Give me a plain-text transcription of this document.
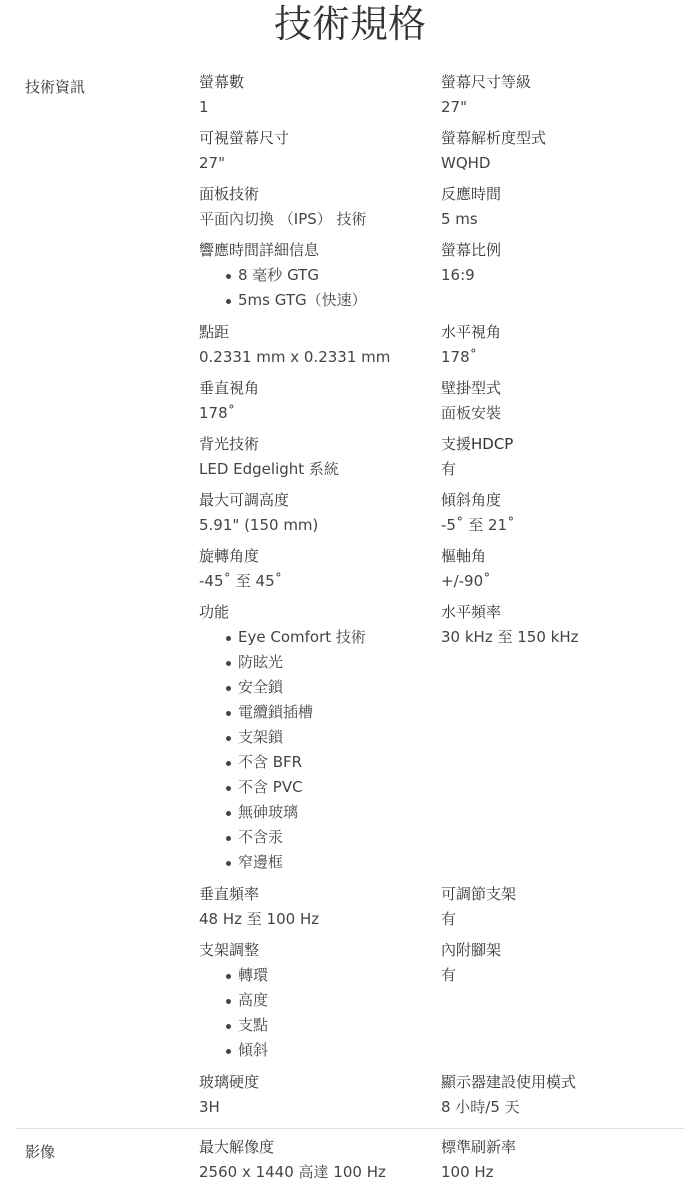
技術規格
技術資訊	螢幕數
1
螢幕尺寸等級
27"
可視螢幕尺寸
27"
螢幕解析度型式
WQHD
面板技術
平面內切換 （IPS） 技術
反應時間
5 ms
響應時間詳細信息
8 毫秒 GTG
5ms GTG（快速）
螢幕比例
16:9
點距
0.2331 mm x 0.2331 mm
水平視角
178˚
垂直視角
178˚
壁掛型式
面板安裝
背光技術
LED Edgelight 系統
支援HDCP
有
最大可調高度
5.91" (150 mm)
傾斜角度
-5˚ 至 21˚
旋轉角度
-45˚ 至 45˚
樞軸角
+/-90˚
功能
Eye Comfort 技術
防眩光
安全鎖
電纜鎖插槽
支架鎖
不含 BFR
不含 PVC
無砷玻璃
不含汞
窄邊框
水平頻率
30 kHz 至 150 kHz
垂直頻率
48 Hz 至 100 Hz
可調節支架
有
支架調整
轉環
高度
支點
傾斜
內附腳架
有
玻璃硬度
3H
顯示器建設使用模式
8 小時/5 天
影像	最大解像度
2560 x 1440 高達 100 Hz
標準刷新率
100 Hz
